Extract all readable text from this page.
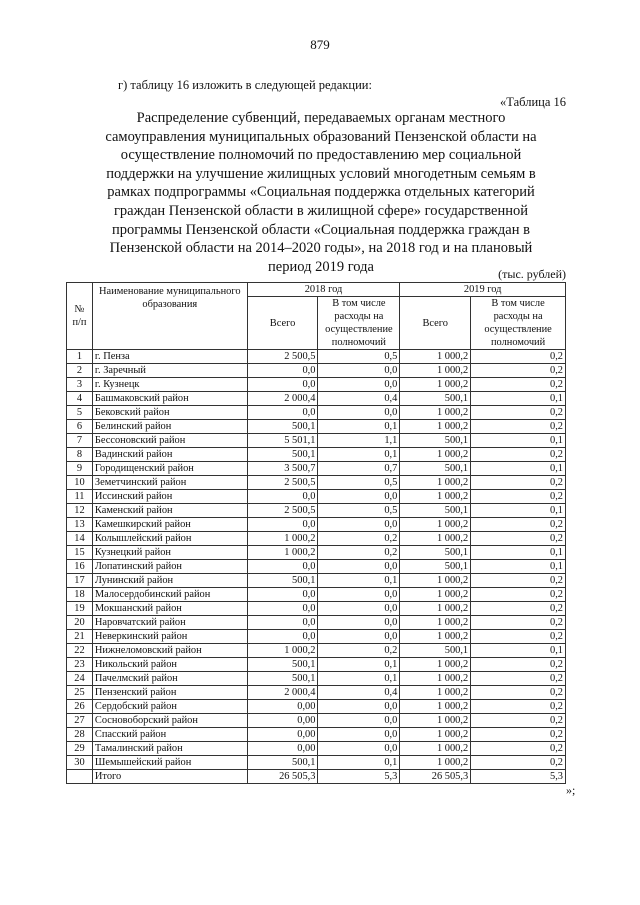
879
г) таблицу 16 изложить в следующей редакции:
«Таблица 16
Распределение субвенций, передаваемых органам местного самоуправления муниципальных образований Пензенской области на осуществление полномочий по предоставлению мер социальной поддержки на улучшение жилищных условий многодетным семьям в рамках подпрограммы «Социальная поддержка отдельных категорий граждан Пензенской области в жилищной сфере» государственной программы Пензенской области «Социальная поддержка граждан в Пензенской области на 2014–2020 годы», на 2018 год и на плановый период 2019 года	(тыс. рублей)
№ п/п	Наименование муниципального образования	2018 год		2019 год	
		Всего	В том числе расходы на осуществление полномочий	Всего	В том числе расходы на осуществление полномочий
1	г. Пенза	2 500,5	0,5	1 000,2	0,2
2	г. Заречный	0,0	0,0	1 000,2	0,2
3	г. Кузнецк	0,0	0,0	1 000,2	0,2
4	Башмаковский район	2 000,4	0,4	500,1	0,1
5	Бековский район	0,0	0,0	1 000,2	0,2
6	Белинский район	500,1	0,1	1 000,2	0,2
7	Бессоновский район	5 501,1	1,1	500,1	0,1
8	Вадинский район	500,1	0,1	1 000,2	0,2
9	Городищенский район	3 500,7	0,7	500,1	0,1
10	Земетчинский район	2 500,5	0,5	1 000,2	0,2
11	Иссинский район	0,0	0,0	1 000,2	0,2
12	Каменский район	2 500,5	0,5	500,1	0,1
13	Камешкирский район	0,0	0,0	1 000,2	0,2
14	Колышлейский район	1 000,2	0,2	1 000,2	0,2
15	Кузнецкий район	1 000,2	0,2	500,1	0,1
16	Лопатинский район	0,0	0,0	500,1	0,1
17	Лунинский район	500,1	0,1	1 000,2	0,2
18	Малосердобинский район	0,0	0,0	1 000,2	0,2
19	Мокшанский район	0,0	0,0	1 000,2	0,2
20	Наровчатский район	0,0	0,0	1 000,2	0,2
21	Неверкинский район	0,0	0,0	1 000,2	0,2
22	Нижнеломовский район	1 000,2	0,2	500,1	0,1
23	Никольский район	500,1	0,1	1 000,2	0,2
24	Пачелмский район	500,1	0,1	1 000,2	0,2
25	Пензенский район	2 000,4	0,4	1 000,2	0,2
26	Сердобский район	0,00	0,0	1 000,2	0,2
27	Сосновоборский район	0,00	0,0	1 000,2	0,2
28	Спасский район	0,00	0,0	1 000,2	0,2
29	Тамалинский район	0,00	0,0	1 000,2	0,2
30	Шемышейский район	500,1	0,1	1 000,2	0,2
	Итого	26 505,3	5,3	26 505,3	5,3
»;
